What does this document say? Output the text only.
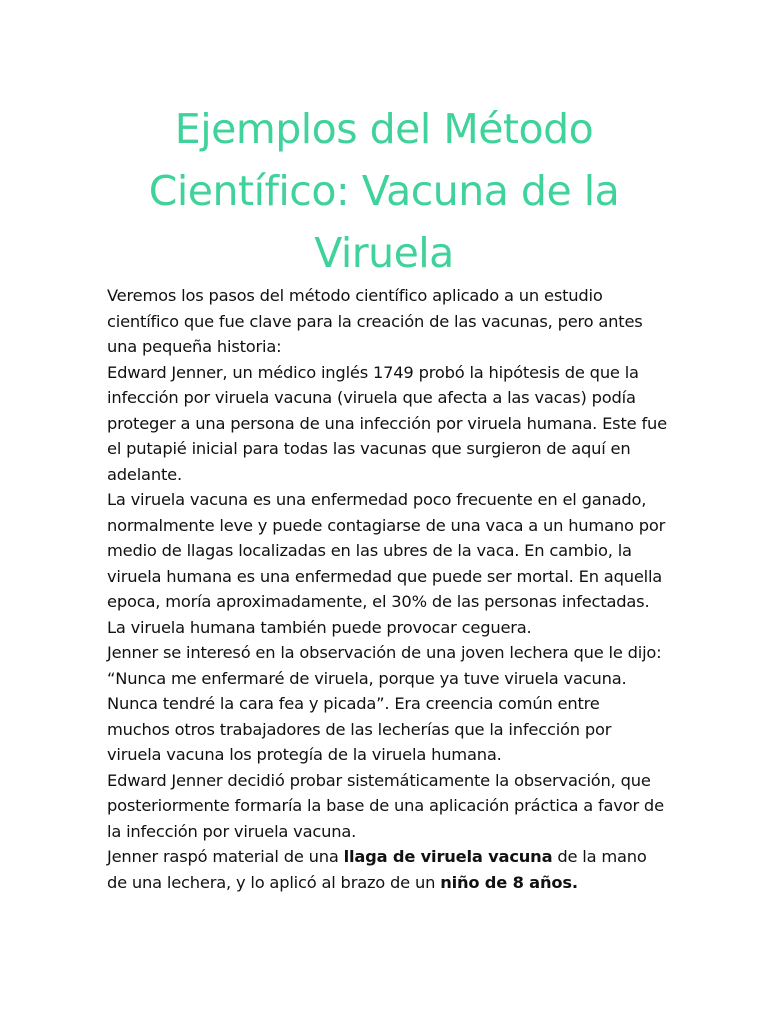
Ejemplos del Método Científico: Vacuna de la Viruela

Veremos los pasos del método científico aplicado a un estudio científico que fue clave para la creación de las vacunas, pero antes una pequeña historia:

Edward Jenner, un médico inglés 1749 probó la hipótesis de que la infección por viruela vacuna (viruela que afecta a las vacas) podía proteger a una persona de una infección por viruela humana. Este fue el putapié inicial para todas las vacunas que surgieron de aquí en adelante.

La viruela vacuna es una enfermedad poco frecuente en el ganado, normalmente leve y puede contagiarse de una vaca a un humano por medio de llagas localizadas en las ubres de la vaca. En cambio, la viruela humana es una enfermedad que puede ser mortal. En aquella epoca, moría aproximadamente, el 30% de las personas infectadas. La viruela humana también puede provocar ceguera.

Jenner se interesó en la observación de una joven lechera que le dijo: “Nunca me enfermaré de viruela, porque ya tuve viruela vacuna. Nunca tendré la cara fea y picada”. Era creencia común entre muchos otros trabajadores de las lecherías que la infección por viruela vacuna los protegía de la viruela humana.

Edward Jenner decidió probar sistemáticamente la observación, que posteriormente formaría la base de una aplicación práctica a favor de la infección por viruela vacuna.

Jenner raspó material de una llaga de viruela vacuna de la mano de una lechera, y lo aplicó al brazo de un niño de 8 años.
